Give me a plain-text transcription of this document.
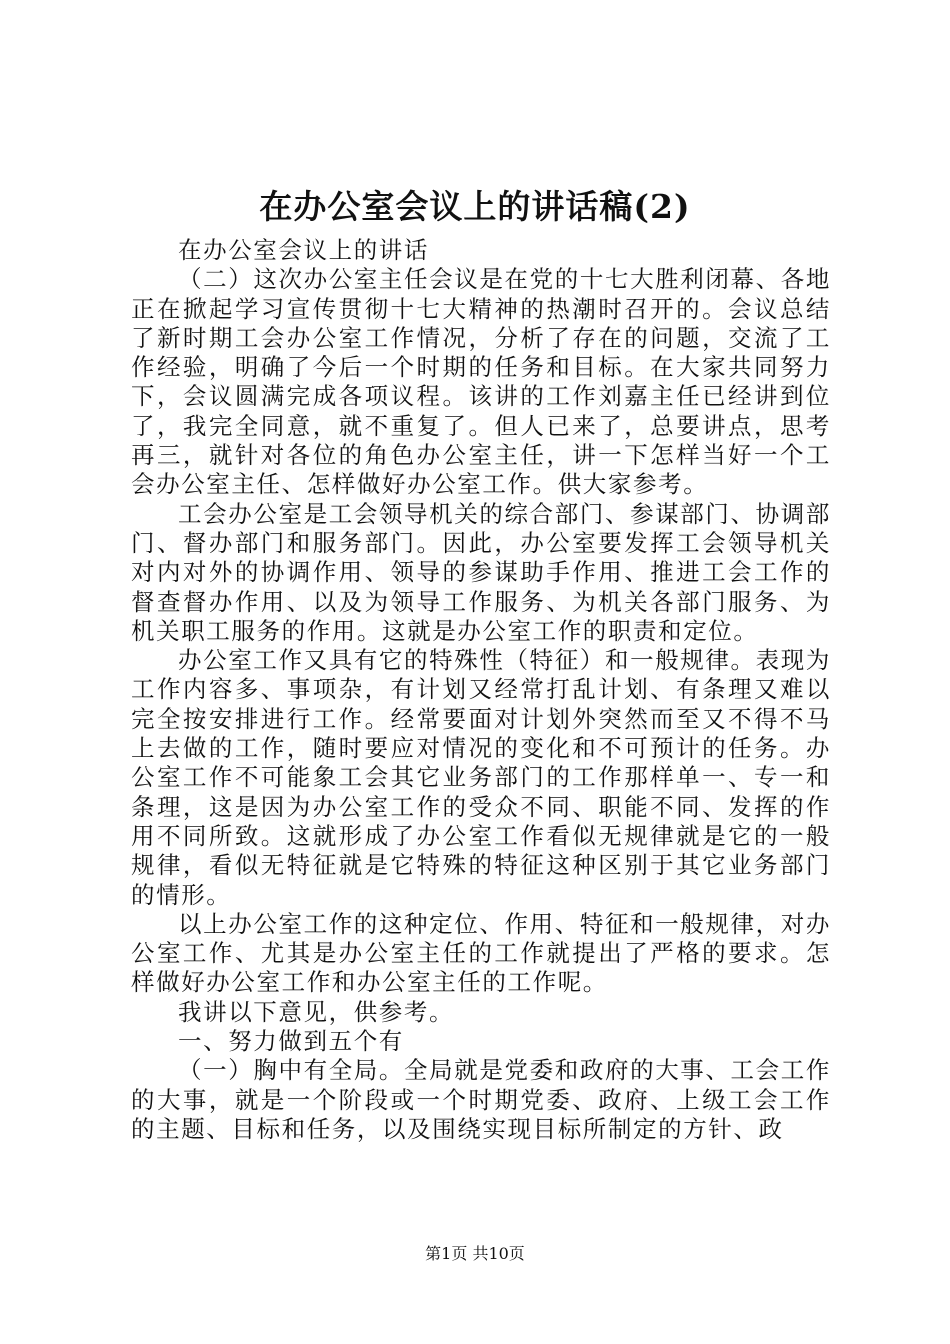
在办公室会议上的讲话稿(2)

在办公室会议上的讲话

（二）这次办公室主任会议是在党的十七大胜利闭幕、各地正在掀起学习宣传贯彻十七大精神的热潮时召开的。会议总结了新时期工会办公室工作情况，分析了存在的问题，交流了工作经验，明确了今后一个时期的任务和目标。在大家共同努力下，会议圆满完成各项议程。该讲的工作刘嘉主任已经讲到位了，我完全同意，就不重复了。但人已来了，总要讲点，思考再三，就针对各位的角色办公室主任，讲一下怎样当好一个工会办公室主任、怎样做好办公室工作。供大家参考。

工会办公室是工会领导机关的综合部门、参谋部门、协调部门、督办部门和服务部门。因此，办公室要发挥工会领导机关对内对外的协调作用、领导的参谋助手作用、推进工会工作的督查督办作用、以及为领导工作服务、为机关各部门服务、为机关职工服务的作用。这就是办公室工作的职责和定位。

办公室工作又具有它的特殊性（特征）和一般规律。表现为工作内容多、事项杂，有计划又经常打乱计划、有条理又难以完全按安排进行工作。经常要面对计划外突然而至又不得不马上去做的工作，随时要应对情况的变化和不可预计的任务。办公室工作不可能象工会其它业务部门的工作那样单一、专一和条理，这是因为办公室工作的受众不同、职能不同、发挥的作用不同所致。这就形成了办公室工作看似无规律就是它的一般规律，看似无特征就是它特殊的特征这种区别于其它业务部门的情形。

以上办公室工作的这种定位、作用、特征和一般规律，对办公室工作、尤其是办公室主任的工作就提出了严格的要求。怎样做好办公室工作和办公室主任的工作呢。

我讲以下意见，供参考。

一、努力做到五个有

（一）胸中有全局。全局就是党委和政府的大事、工会工作的大事，就是一个阶段或一个时期党委、政府、上级工会工作的主题、目标和任务，以及围绕实现目标所制定的方针、政

第1页 共10页
